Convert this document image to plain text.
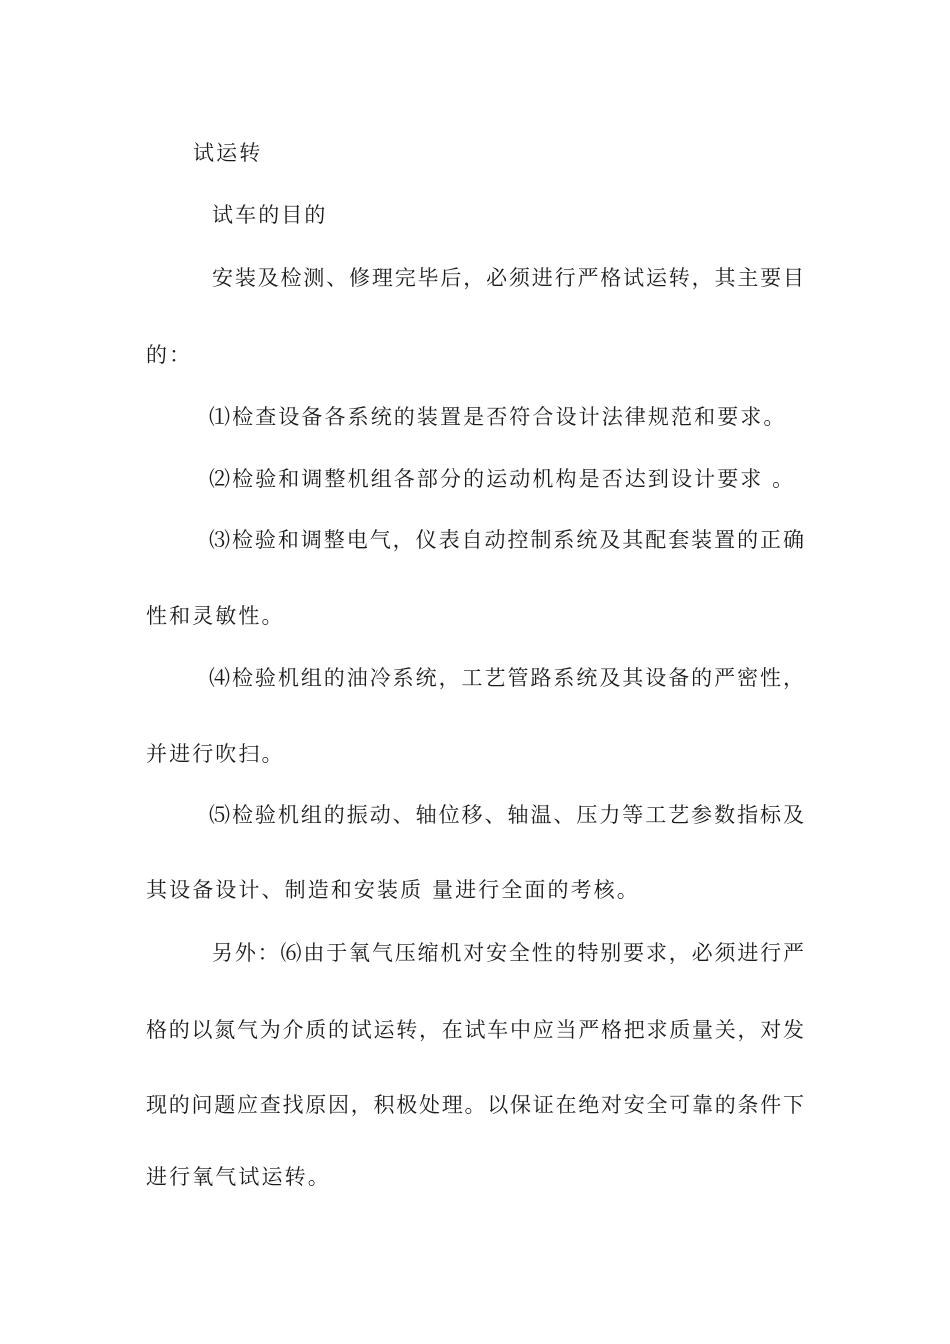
试运转
试车的目的
安装及检测、修理完毕后，必须进行严格试运转，其主要目
的：
⑴检查设备各系统的装置是否符合设计法律规范和要求。
⑵检验和调整机组各部分的运动机构是否达到设计要求 。
⑶检验和调整电气，仪表自动控制系统及其配套装置的正确
性和灵敏性。
⑷检验机组的油冷系统，工艺管路系统及其设备的严密性，
并进行吹扫。
⑸检验机组的振动、轴位移、轴温、压力等工艺参数指标及
其设备设计、制造和安装质 量进行全面的考核。
另外：⑹由于氧气压缩机对安全性的特别要求，必须进行严
格的以氮气为介质的试运转，在试车中应当严格把求质量关，对发
现的问题应查找原因，积极处理。以保证在绝对安全可靠的条件下
进行氧气试运转。
